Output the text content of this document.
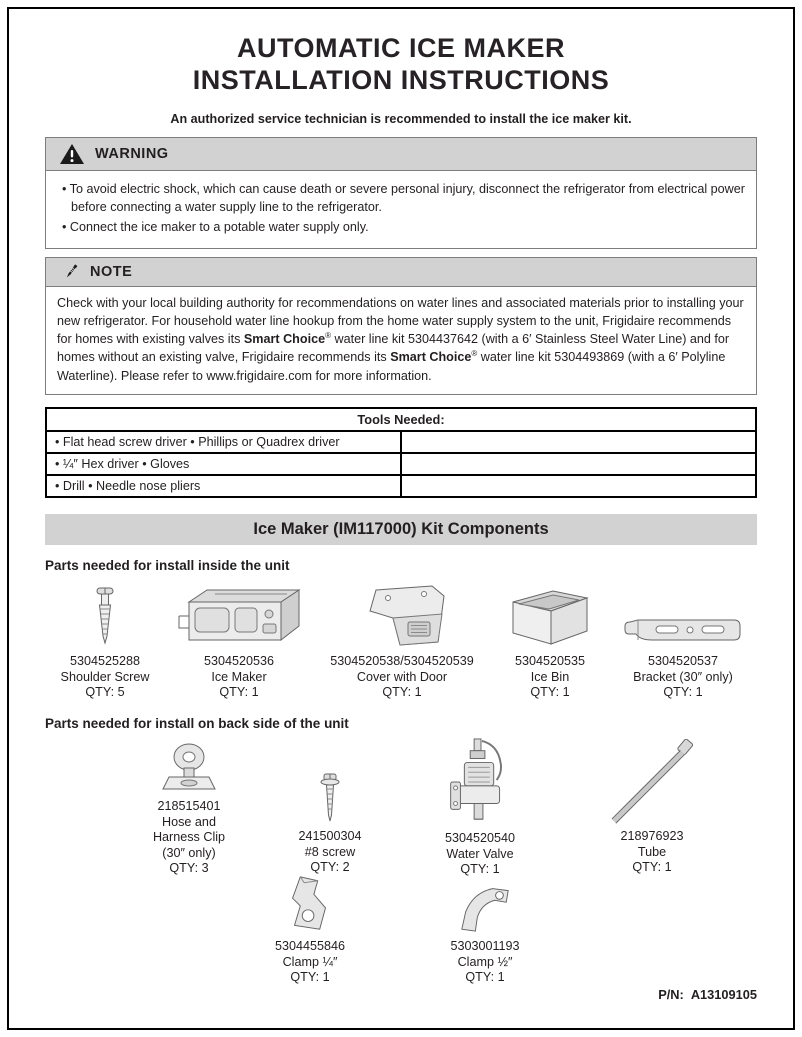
AUTOMATIC ICE MAKER
INSTALLATION INSTRUCTIONS
An authorized service technician is recommended to install the ice maker kit.
WARNING
• To avoid electric shock, which can cause death or severe personal injury, disconnect the refrigerator from electrical power before connecting a water supply line to the refrigerator.
• Connect the ice maker to a potable water supply only.
NOTE
Check with your local building authority for recommendations on water lines and associated materials prior to installing your new refrigerator. For household water line hookup from the home water supply system to the unit, Frigidaire recommends for homes with existing valves its Smart Choice® water line kit 5304437642 (with a 6′ Stainless Steel Water Line) and for homes without an existing valve, Frigidaire recommends its Smart Choice® water line kit 5304493869 (with a 6′ Polyline Waterline). Please refer to www.frigidaire.com for more information.
Tools Needed:	
• Flat head screw driver • Phillips or Quadrex driver	
• ¼″ Hex driver • Gloves	
• Drill • Needle nose pliers	
Ice Maker (IM117000) Kit Components
Parts needed for install inside the unit
5304525288
Shoulder Screw
QTY: 5
5304520536
Ice Maker
QTY: 1
5304520538/5304520539
Cover with Door
QTY: 1
5304520535
Ice Bin
QTY: 1
5304520537
Bracket (30″ only)
QTY: 1
Parts needed for install on back side of the unit
218515401
Hose and Harness Clip (30″ only)
QTY: 3
241500304
#8 screw
QTY: 2
5304520540
Water Valve
QTY: 1
218976923
Tube
QTY: 1
5304455846
Clamp ¼″
QTY: 1
5303001193
Clamp ½″
QTY: 1
P/N: A13109105
